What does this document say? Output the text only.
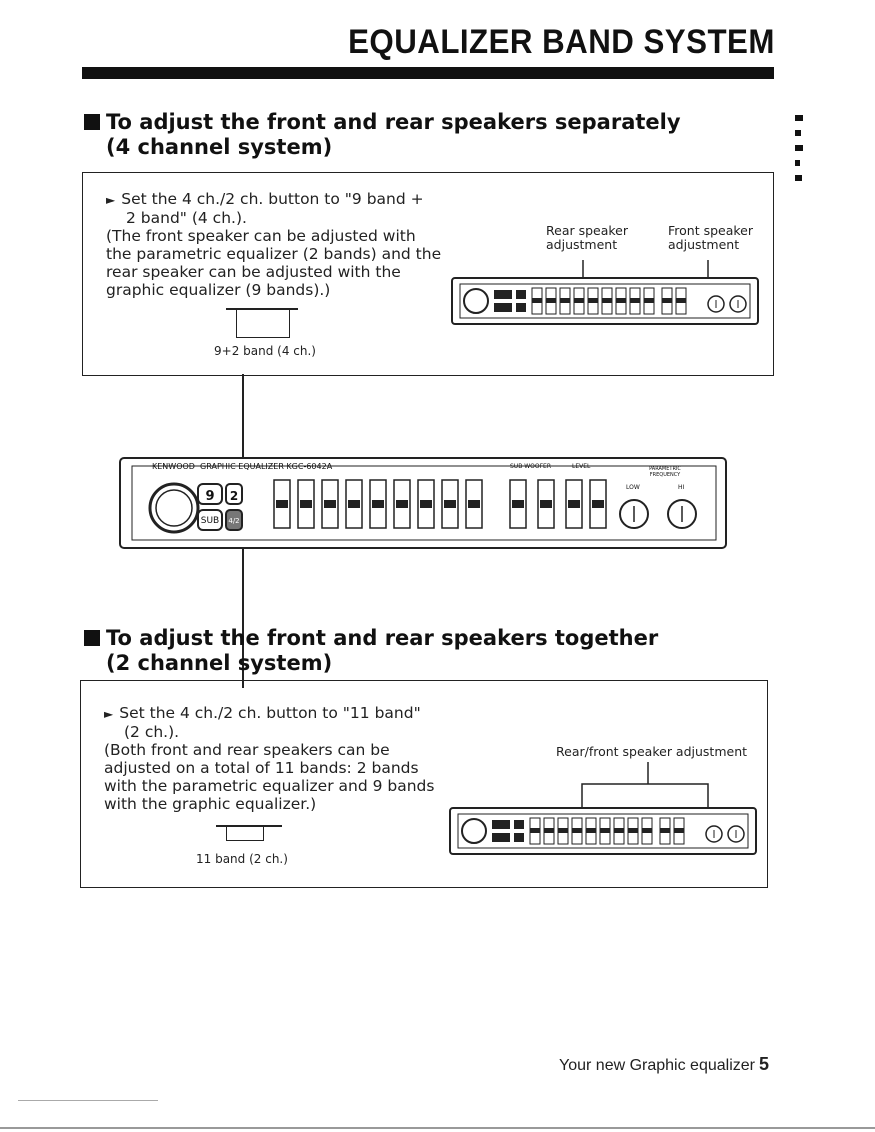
EQUALIZER BAND SYSTEM
To adjust the front and rear speakers separately
(4 channel system)
► Set the 4 ch./2 ch. button to "9 band +
2 band" (4 ch.).
(The front speaker can be adjusted with
the parametric equalizer (2 bands) and the
rear speaker can be adjusted with the
graphic equalizer (9 bands).)
9+2 band (4 ch.)
Rear speaker
adjustment
Front speaker
adjustment
KENWOOD GRAPHIC EQUALIZER KGC-6042A	SUB WOOFER	LEVEL	PARAMETRIC FREQUENCY
LOW	HI
9	2
SUB	4/2
To adjust the front and rear speakers together
(2 channel system)
► Set the 4 ch./2 ch. button to "11 band"
(2 ch.).
(Both front and rear speakers can be
adjusted on a total of 11 bands: 2 bands
with the parametric equalizer and 9 bands
with the graphic equalizer.)
11 band (2 ch.)
Rear/front speaker adjustment
Your new Graphic equalizer 5
